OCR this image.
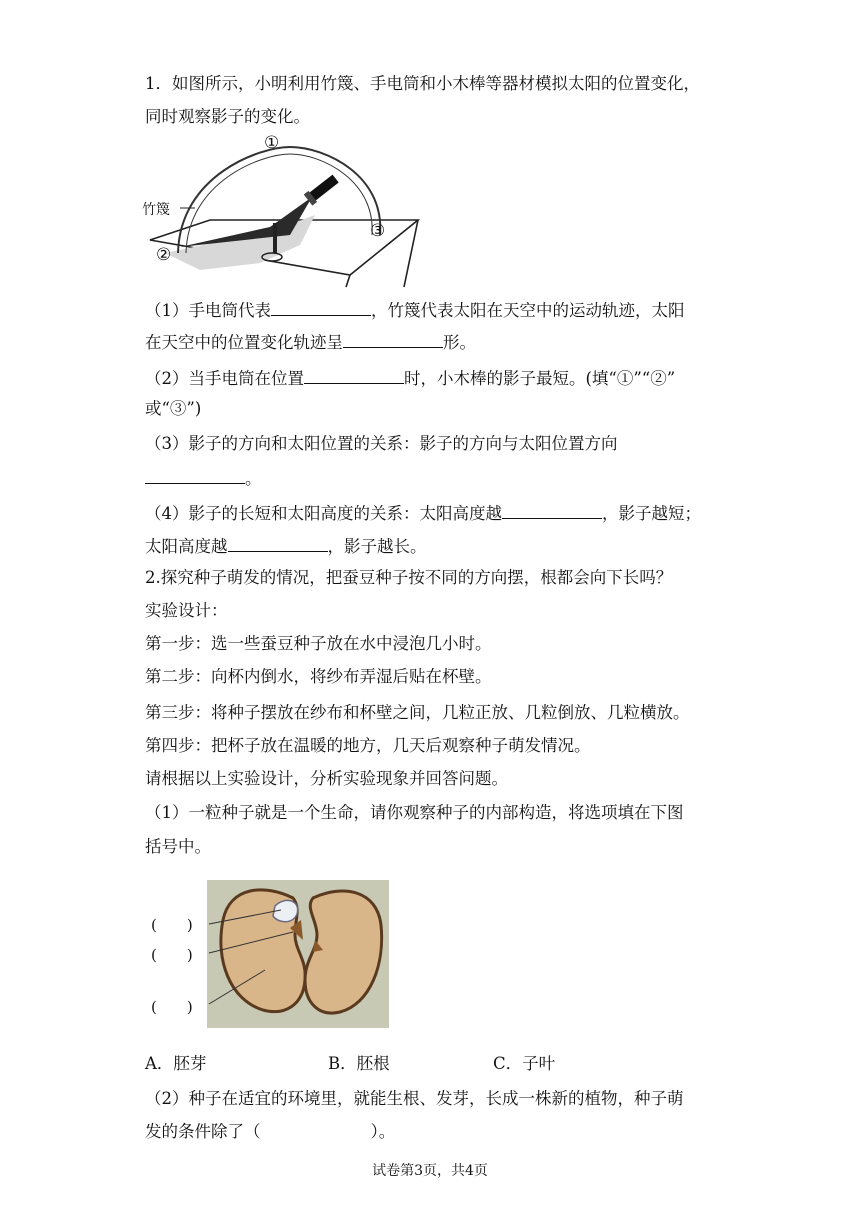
1．如图所示，小明利用竹篾、手电筒和小木棒等器材模拟太阳的位置变化，
同时观察影子的变化。
竹篾
①
②
③
（1）手电筒代表	，竹篾代表太阳在天空中的运动轨迹，太阳
在天空中的位置变化轨迹呈	形。
（2）当手电筒在位置	时，小木棒的影子最短。(填“①”“②”
或“③”)
（3）影子的方向和太阳位置的关系：影子的方向与太阳位置方向
。
（4）影子的长短和太阳高度的关系：太阳高度越	，影子越短；
太阳高度越	，影子越长。
2.探究种子萌发的情况，把蚕豆种子按不同的方向摆，根都会向下长吗？
实验设计：
第一步：选一些蚕豆种子放在水中浸泡几小时。
第二步：向杯内倒水，将纱布弄湿后贴在杯壁。
第三步：将种子摆放在纱布和杯壁之间，几粒正放、几粒倒放、几粒横放。
第四步：把杯子放在温暖的地方，几天后观察种子萌发情况。
请根据以上实验设计，分析实验现象并回答问题。
（1）一粒种子就是一个生命，请你观察种子的内部构造，将选项填在下图
括号中。
(　　)
(　　)
(　　)
A．胚芽	B．胚根	C．子叶
（2）种子在适宜的环境里，就能生根、发芽，长成一株新的植物，种子萌
发的条件除了（	）。
试卷第3页，共4页
